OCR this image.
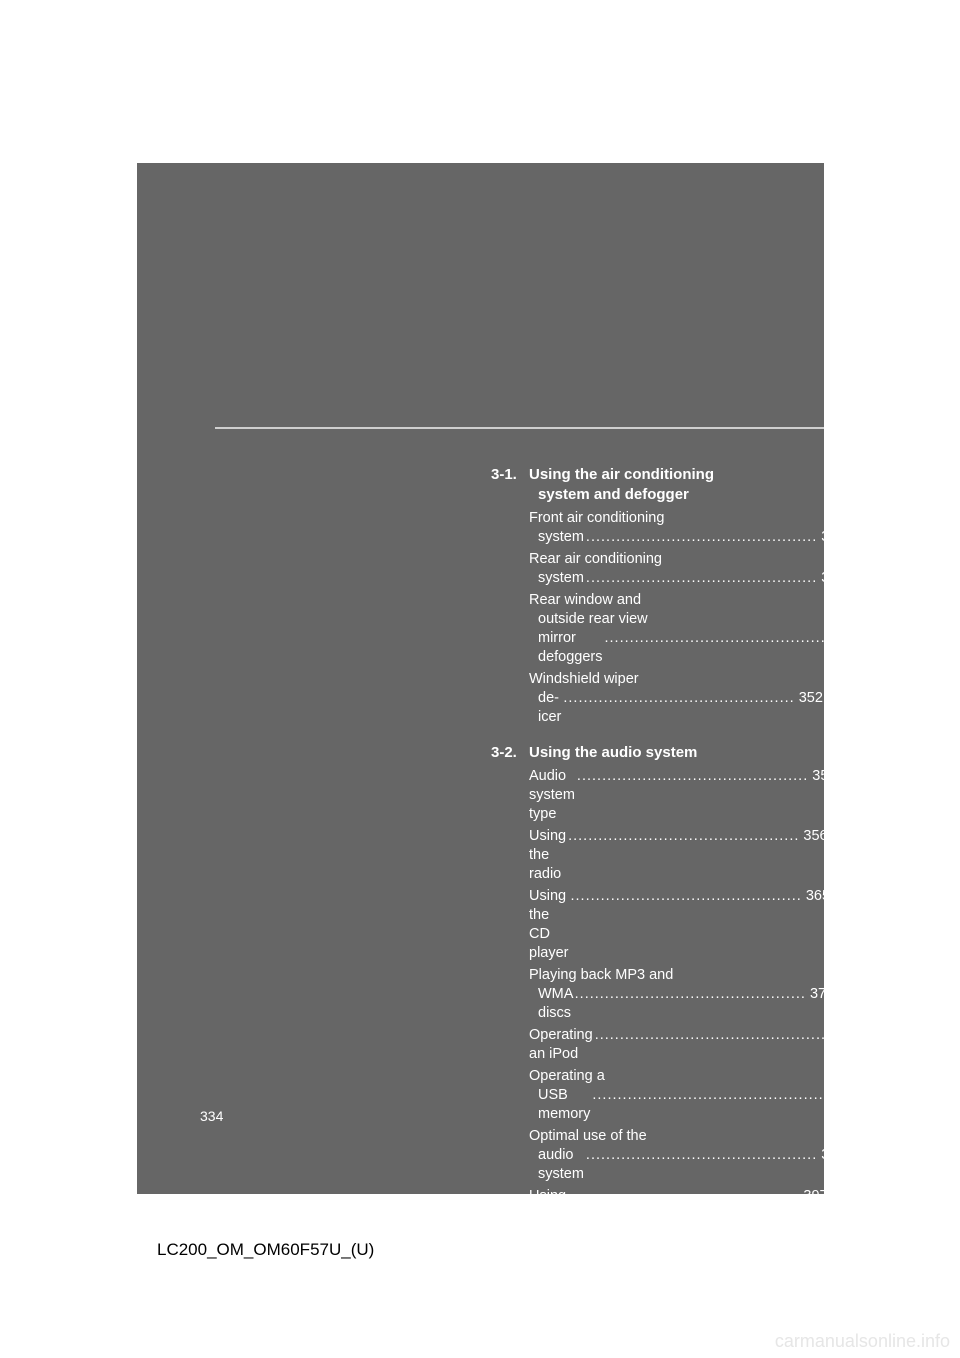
3-1. Using the air conditioning
system and defogger
Front air conditioning
system .............................................. 336
Rear air conditioning
system .............................................. 347
Rear window and
outside rear view
mirror defoggers
.............................................. 351
Windshield wiper
de-icer
.............................................. 352
3-2. Using the audio system
Audio system type
.............................................. 353
Using the radio
.............................................. 356
Using the CD player
.............................................. 365
Playing back MP3 and
WMA discs
.............................................. 373
Operating an iPod
.............................................. 380
Operating a
USB memory
.............................................. 387
Optimal use of the
audio system
.............................................. 395
Using the AUX port
.............................................. 397
Using the steering
switches .............................................. 398
334
LC200_OM_OM60F57U_(U)
carmanualsonline.info
